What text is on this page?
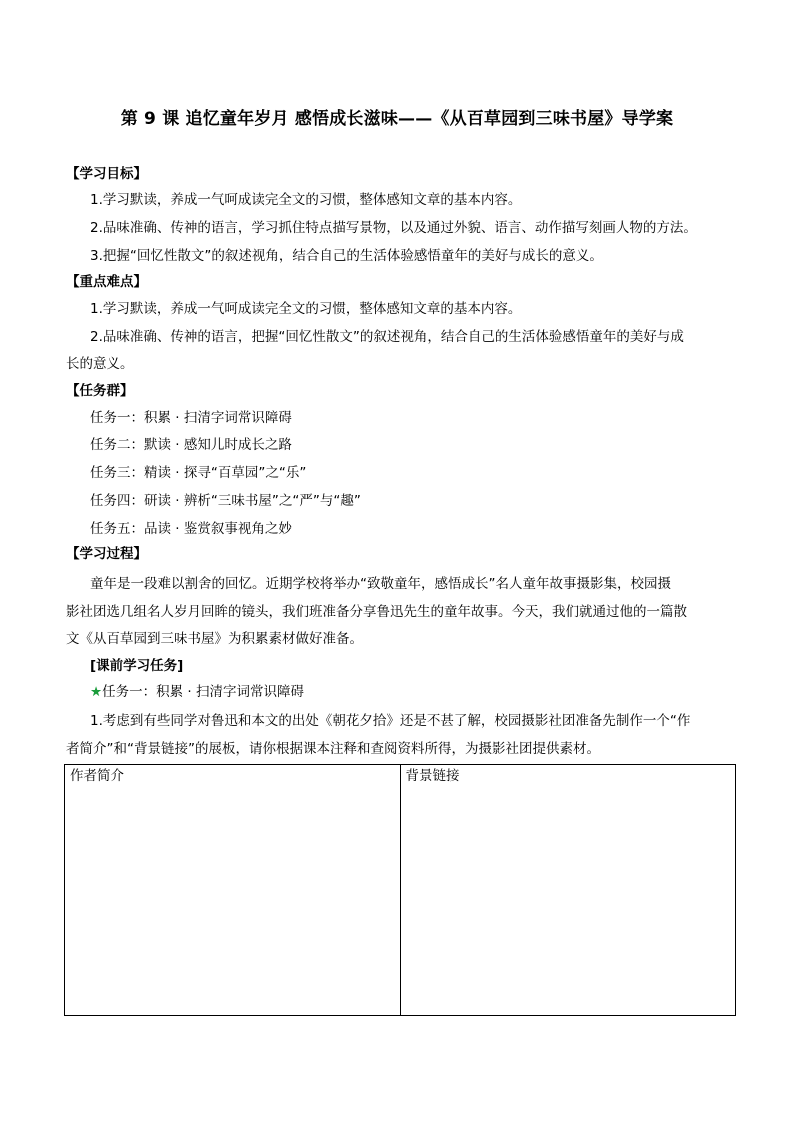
第 9 课 追忆童年岁月 感悟成长滋味——《从百草园到三味书屋》导学案
【学习目标】
1.学习默读，养成一气呵成读完全文的习惯，整体感知文章的基本内容。
2.品味准确、传神的语言，学习抓住特点描写景物，以及通过外貌、语言、动作描写刻画人物的方法。
3.把握“回忆性散文”的叙述视角，结合自己的生活体验感悟童年的美好与成长的意义。
【重点难点】
1.学习默读，养成一气呵成读完全文的习惯，整体感知文章的基本内容。
2.品味准确、传神的语言，把握“回忆性散文”的叙述视角，结合自己的生活体验感悟童年的美好与成
长的意义。
【任务群】
任务一：积累 · 扫清字词常识障碍
任务二：默读 · 感知儿时成长之路
任务三：精读 · 探寻“百草园”之“乐”
任务四：研读 · 辨析“三味书屋”之“严”与“趣”
任务五：品读 · 鉴赏叙事视角之妙
【学习过程】
童年是一段难以割舍的回忆。近期学校将举办“致敬童年，感悟成长”名人童年故事摄影集，校园摄
影社团选几组名人岁月回眸的镜头，我们班准备分享鲁迅先生的童年故事。今天，我们就通过他的一篇散
文《从百草园到三味书屋》为积累素材做好准备。
[课前学习任务]
★任务一：积累 · 扫清字词常识障碍
1.考虑到有些同学对鲁迅和本文的出处《朝花夕拾》还是不甚了解，校园摄影社团准备先制作一个“作
者简介”和“背景链接”的展板，请你根据课本注释和查阅资料所得，为摄影社团提供素材。
作者简介	背景链接
